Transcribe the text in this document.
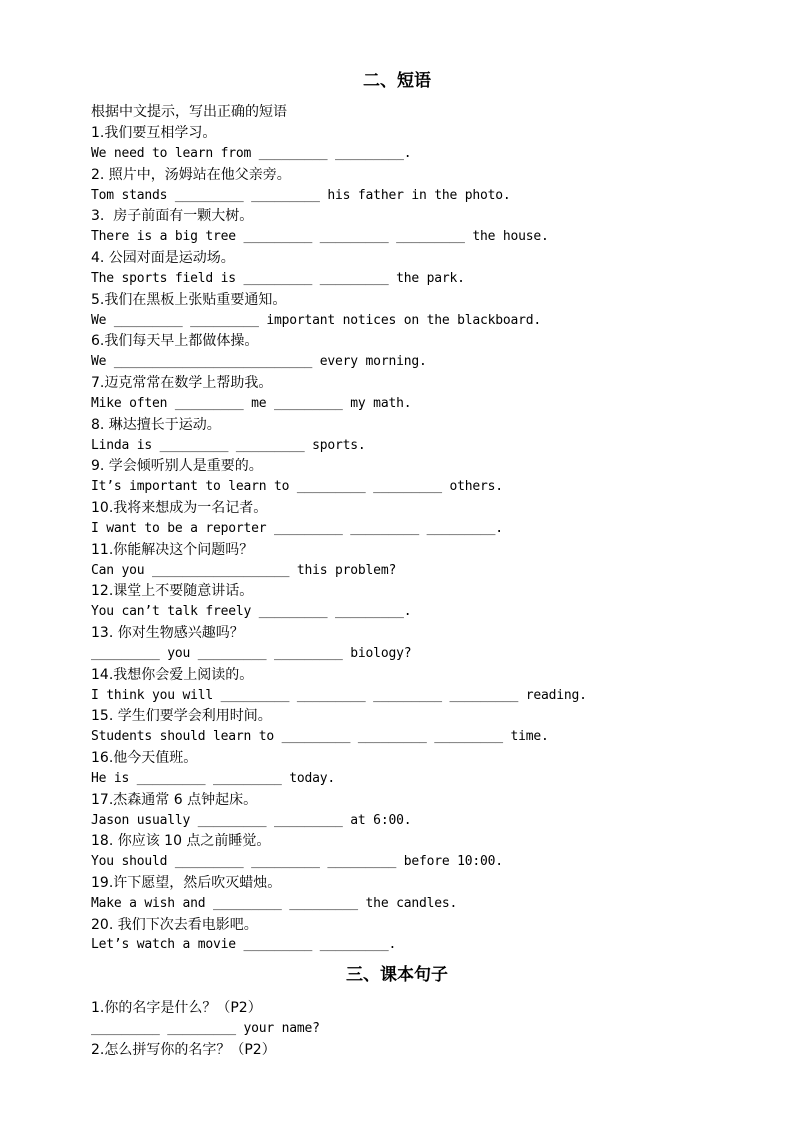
二、短语
根据中文提示，写出正确的短语
1.我们要互相学习。
We need to learn from _________ _________.
2. 照片中，汤姆站在他父亲旁。
Tom stands _________ _________ his father in the photo.
3.  房子前面有一颗大树。
There is a big tree _________ _________ _________ the house.
4. 公园对面是运动场。
The sports field is _________ _________ the park.
5.我们在黑板上张贴重要通知。
We _________ _________ important notices on the blackboard.
6.我们每天早上都做体操。
We __________________________ every morning.
7.迈克常常在数学上帮助我。
Mike often _________ me _________ my math.
8. 琳达擅长于运动。
Linda is _________ _________ sports.
9. 学会倾听别人是重要的。
It’s important to learn to _________ _________ others.
10.我将来想成为一名记者。
I want to be a reporter _________ _________ _________.
11.你能解决这个问题吗？
Can you __________________ this problem?
12.课堂上不要随意讲话。
You can’t talk freely _________ _________.
13. 你对生物感兴趣吗？
_________ you _________ _________ biology?
14.我想你会爱上阅读的。
I think you will _________ _________ _________ _________ reading.
15. 学生们要学会利用时间。
Students should learn to _________ _________ _________ time.
16.他今天值班。
He is _________ _________ today.
17.杰森通常 6 点钟起床。
Jason usually _________ _________ at 6:00.
18. 你应该 10 点之前睡觉。
You should _________ _________ _________ before 10:00.
19.许下愿望，然后吹灭蜡烛。
Make a wish and _________ _________ the candles.
20. 我们下次去看电影吧。
Let’s watch a movie _________ _________.
三、课本句子
1.你的名字是什么？（P2）
_________ _________ your name?
2.怎么拼写你的名字？（P2）
